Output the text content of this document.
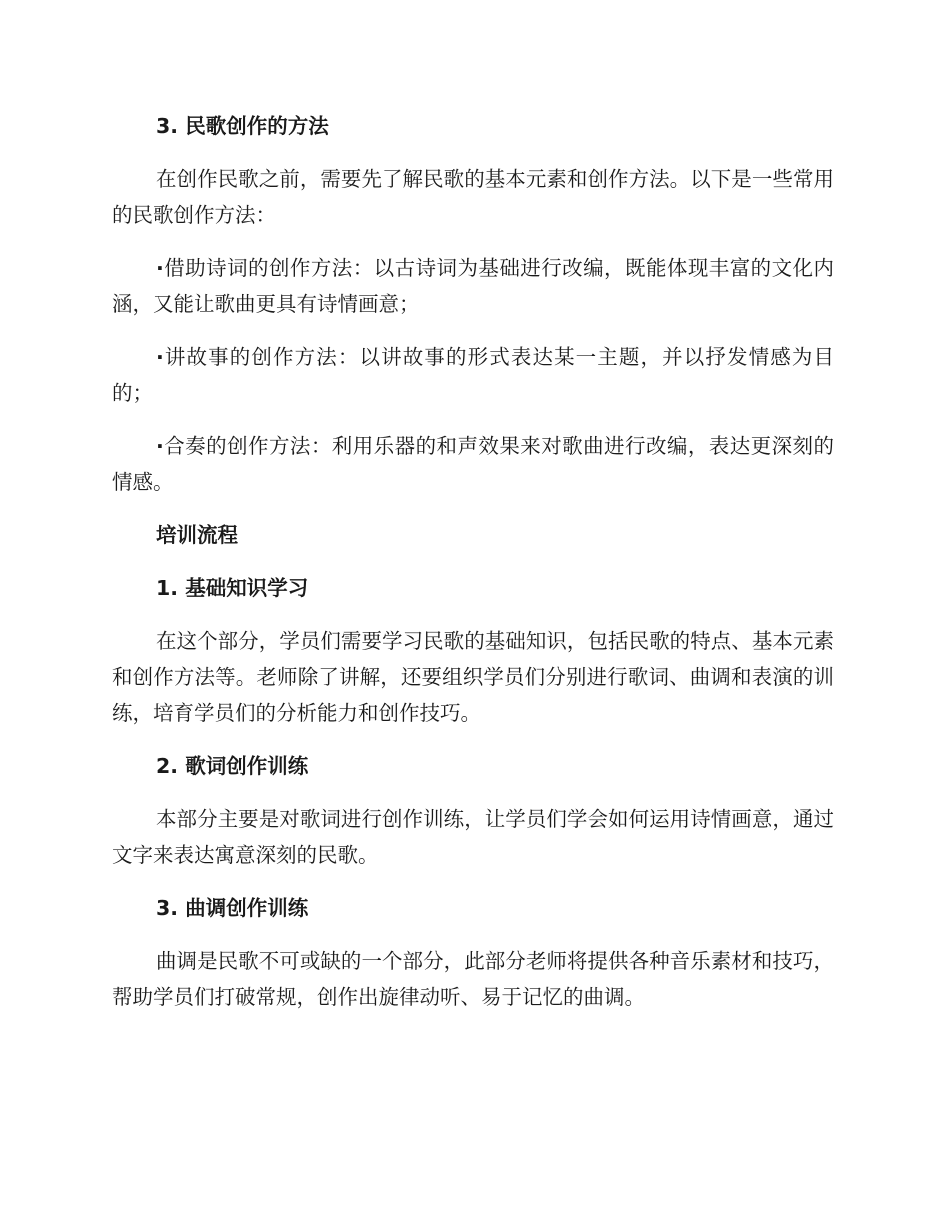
3. 民歌创作的方法

在创作民歌之前，需要先了解民歌的基本元素和创作方法。以下是一些常用的民歌创作方法：

·借助诗词的创作方法：以古诗词为基础进行改编，既能体现丰富的文化内涵，又能让歌曲更具有诗情画意；

·讲故事的创作方法：以讲故事的形式表达某一主题，并以抒发情感为目的；

·合奏的创作方法：利用乐器的和声效果来对歌曲进行改编，表达更深刻的情感。

培训流程

1. 基础知识学习

在这个部分，学员们需要学习民歌的基础知识，包括民歌的特点、基本元素和创作方法等。老师除了讲解，还要组织学员们分别进行歌词、曲调和表演的训练，培育学员们的分析能力和创作技巧。

2. 歌词创作训练

本部分主要是对歌词进行创作训练，让学员们学会如何运用诗情画意，通过文字来表达寓意深刻的民歌。

3. 曲调创作训练

曲调是民歌不可或缺的一个部分，此部分老师将提供各种音乐素材和技巧，帮助学员们打破常规，创作出旋律动听、易于记忆的曲调。
